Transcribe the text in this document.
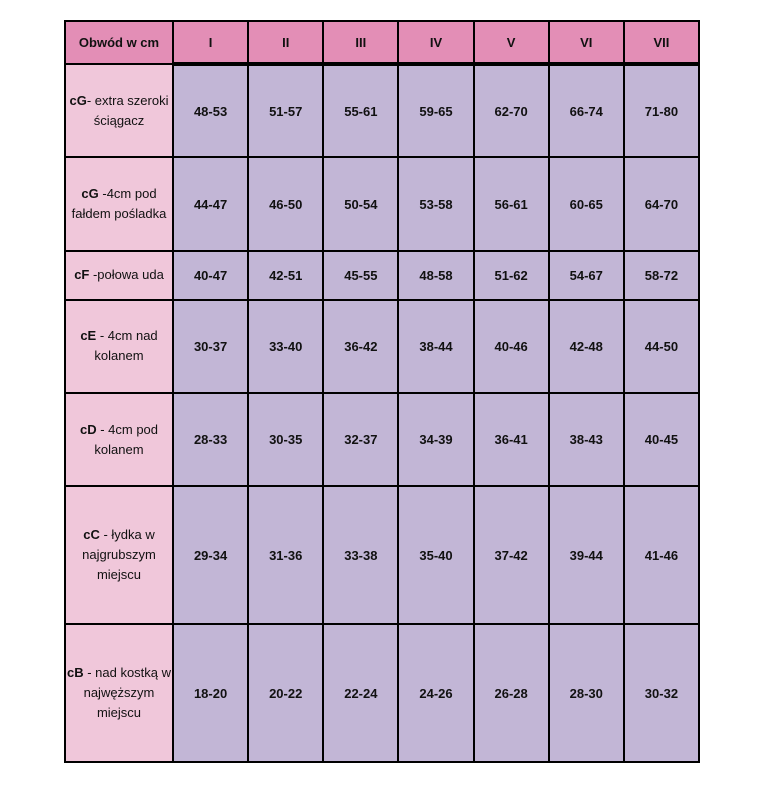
Obwód w cm	I	II	III	IV	V	VI	VII
cG- extra szeroki ściągacz	48-53	51-57	55-61	59-65	62-70	66-74	71-80
cG -4cm pod fałdem pośladka	44-47	46-50	50-54	53-58	56-61	60-65	64-70
cF -połowa uda	40-47	42-51	45-55	48-58	51-62	54-67	58-72
cE - 4cm nad kolanem	30-37	33-40	36-42	38-44	40-46	42-48	44-50
cD - 4cm pod kolanem	28-33	30-35	32-37	34-39	36-41	38-43	40-45
cC - łydka w najgrubszym miejscu	29-34	31-36	33-38	35-40	37-42	39-44	41-46
cB - nad kostką w najwęższym miejscu	18-20	20-22	22-24	24-26	26-28	28-30	30-32
